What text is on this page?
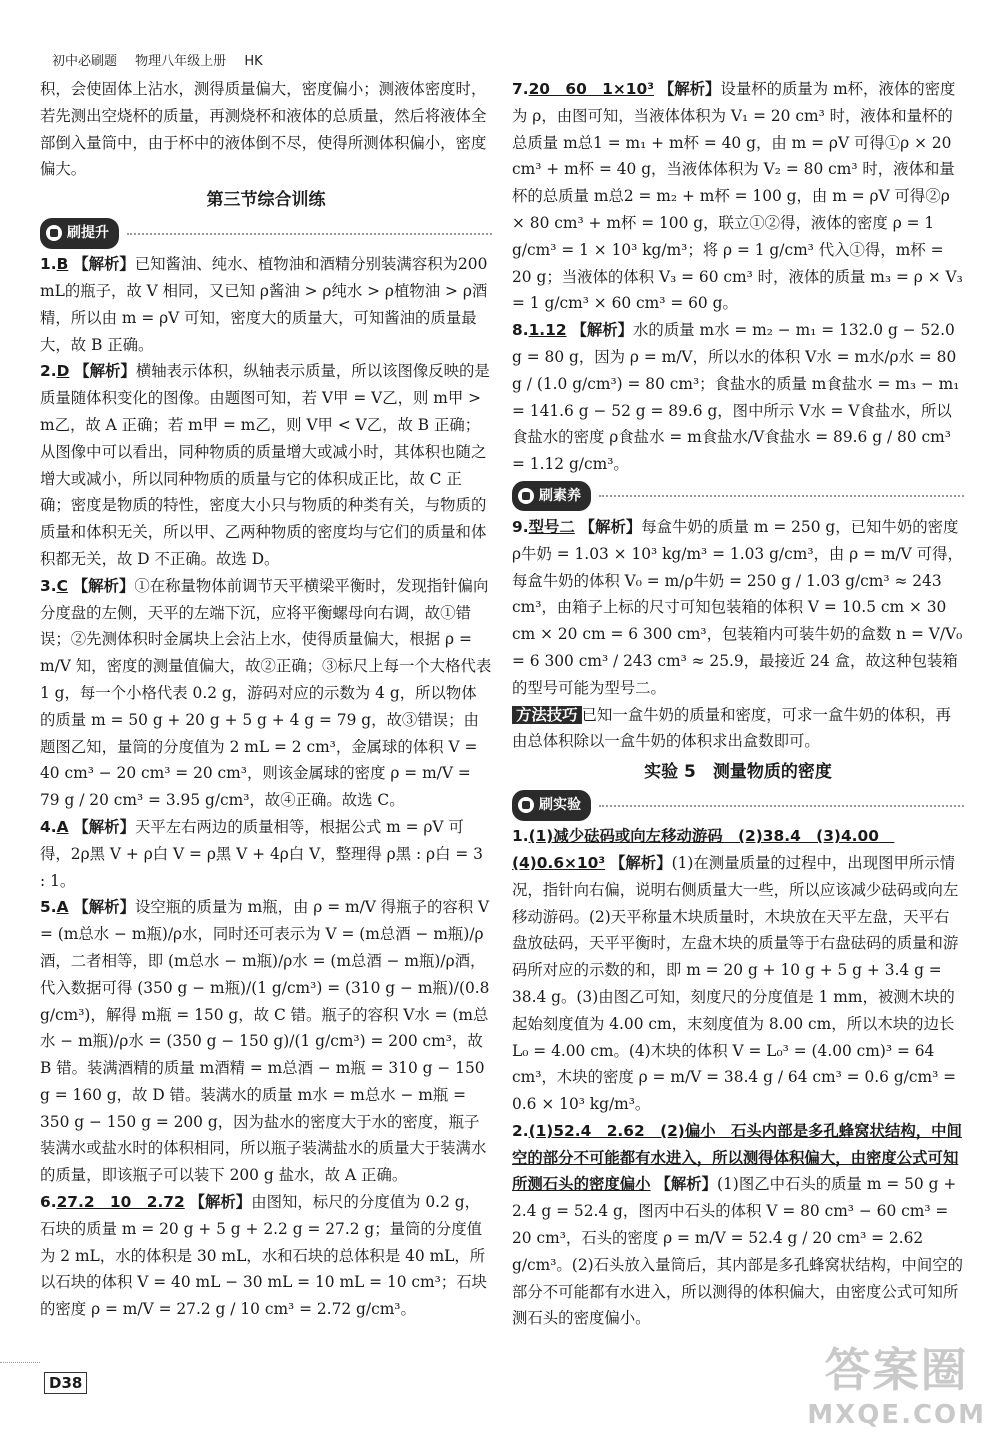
初中必刷题 物理八年级上册 HK

积，会使固体上沾水，测得质量偏大，密度偏小；测液体密度时，若先测出空烧杯的质量，再测烧杯和液体的总质量，然后将液体全部倒入量筒中，由于杯中的液体倒不尽，使得所测体积偏小，密度偏大。

第三节综合训练
刷提升

1.B 【解析】已知酱油、纯水、植物油和酒精分别装满容积为200 mL的瓶子，故 V 相同，又已知 ρ酱油 > ρ纯水 > ρ植物油 > ρ酒精，所以由 m = ρV 可知，密度大的质量大，可知酱油的质量最大，故 B 正确。

2.D 【解析】横轴表示体积，纵轴表示质量，所以该图像反映的是质量随体积变化的图像。由题图可知，若 V甲 = V乙，则 m甲 > m乙，故 A 正确；若 m甲 = m乙，则 V甲 < V乙，故 B 正确；从图像中可以看出，同种物质的质量增大或减小时，其体积也随之增大或减小，所以同种物质的质量与它的体积成正比，故 C 正确；密度是物质的特性，密度大小只与物质的种类有关，与物质的质量和体积无关，所以甲、乙两种物质的密度均与它们的质量和体积都无关，故 D 不正确。故选 D。

3.C 【解析】①在称量物体前调节天平横梁平衡时，发现指针偏向分度盘的左侧，天平的左端下沉，应将平衡螺母向右调，故①错误；②先测体积时金属块上会沾上水，使得质量偏大，根据 ρ = m/V 知，密度的测量值偏大，故②正确；③标尺上每一个大格代表 1 g，每一个小格代表 0.2 g，游码对应的示数为 4 g，所以物体的质量 m = 50 g + 20 g + 5 g + 4 g = 79 g，故③错误；由题图乙知，量筒的分度值为 2 mL = 2 cm³，金属球的体积 V = 40 cm³ − 20 cm³ = 20 cm³，则该金属球的密度 ρ = m/V = 79 g / 20 cm³ = 3.95 g/cm³，故④正确。故选 C。

4.A 【解析】天平左右两边的质量相等，根据公式 m = ρV 可得，2ρ黑 V + ρ白 V = ρ黑 V + 4ρ白 V，整理得 ρ黑 : ρ白 = 3 : 1。

5.A 【解析】设空瓶的质量为 m瓶，由 ρ = m/V 得瓶子的容积 V = (m总水 − m瓶)/ρ水，同时还可表示为 V = (m总酒 − m瓶)/ρ酒，二者相等，即 (m总水 − m瓶)/ρ水 = (m总酒 − m瓶)/ρ酒，代入数据可得 (350 g − m瓶)/(1 g/cm³) = (310 g − m瓶)/(0.8 g/cm³)，解得 m瓶 = 150 g，故 C 错。瓶子的容积 V水 = (m总水 − m瓶)/ρ水 = (350 g − 150 g)/(1 g/cm³) = 200 cm³，故 B 错。装满酒精的质量 m酒精 = m总酒 − m瓶 = 310 g − 150 g = 160 g，故 D 错。装满水的质量 m水 = m总水 − m瓶 = 350 g − 150 g = 200 g，因为盐水的密度大于水的密度，瓶子装满水或盐水时的体积相同，所以瓶子装满盐水的质量大于装满水的质量，即该瓶子可以装下 200 g 盐水，故 A 正确。

6.27.2　10　2.72 【解析】由图知，标尺的分度值为 0.2 g，石块的质量 m = 20 g + 5 g + 2.2 g = 27.2 g；量筒的分度值为 2 mL，水的体积是 30 mL，水和石块的总体积是 40 mL，所以石块的体积 V = 40 mL − 30 mL = 10 mL = 10 cm³；石块的密度 ρ = m/V = 27.2 g / 10 cm³ = 2.72 g/cm³。

7.20　60　1×10³ 【解析】设量杯的质量为 m杯，液体的密度为 ρ，由图可知，当液体体积为 V₁ = 20 cm³ 时，液体和量杯的总质量 m总1 = m₁ + m杯 = 40 g，由 m = ρV 可得①ρ × 20 cm³ + m杯 = 40 g，当液体体积为 V₂ = 80 cm³ 时，液体和量杯的总质量 m总2 = m₂ + m杯 = 100 g，由 m = ρV 可得②ρ × 80 cm³ + m杯 = 100 g，联立①②得，液体的密度 ρ = 1 g/cm³ = 1 × 10³ kg/m³；将 ρ = 1 g/cm³ 代入①得，m杯 = 20 g；当液体的体积 V₃ = 60 cm³ 时，液体的质量 m₃ = ρ × V₃ = 1 g/cm³ × 60 cm³ = 60 g。

8.1.12 【解析】水的质量 m水 = m₂ − m₁ = 132.0 g − 52.0 g = 80 g，因为 ρ = m/V，所以水的体积 V水 = m水/ρ水 = 80 g / (1.0 g/cm³) = 80 cm³；食盐水的质量 m食盐水 = m₃ − m₁ = 141.6 g − 52 g = 89.6 g，图中所示 V水 = V食盐水，所以食盐水的密度 ρ食盐水 = m食盐水/V食盐水 = 89.6 g / 80 cm³ = 1.12 g/cm³。

刷素养

9.型号二 【解析】每盒牛奶的质量 m = 250 g，已知牛奶的密度 ρ牛奶 = 1.03 × 10³ kg/m³ = 1.03 g/cm³，由 ρ = m/V 可得，每盒牛奶的体积 V₀ = m/ρ牛奶 = 250 g / 1.03 g/cm³ ≈ 243 cm³，由箱子上标的尺寸可知包装箱的体积 V = 10.5 cm × 30 cm × 20 cm = 6 300 cm³，包装箱内可装牛奶的盒数 n = V/V₀ = 6 300 cm³ / 243 cm³ ≈ 25.9，最接近 24 盒，故这种包装箱的型号可能为型号二。

方法技巧 已知一盒牛奶的质量和密度，可求一盒牛奶的体积，再由总体积除以一盒牛奶的体积求出盒数即可。

实验 5　测量物质的密度
刷实验

1.(1)减少砝码或向左移动游码　(2)38.4　(3)4.00　(4)0.6×10³ 【解析】(1)在测量质量的过程中，出现图甲所示情况，指针向右偏，说明右侧质量大一些，所以应该减少砝码或向左移动游码。(2)天平称量木块质量时，木块放在天平左盘，天平右盘放砝码，天平平衡时，左盘木块的质量等于右盘砝码的质量和游码所对应的示数的和，即 m = 20 g + 10 g + 5 g + 3.4 g = 38.4 g。(3)由图乙可知，刻度尺的分度值是 1 mm，被测木块的起始刻度值为 4.00 cm，末刻度值为 8.00 cm，所以木块的边长 L₀ = 4.00 cm。(4)木块的体积 V = L₀³ = (4.00 cm)³ = 64 cm³，木块的密度 ρ = m/V = 38.4 g / 64 cm³ = 0.6 g/cm³ = 0.6 × 10³ kg/m³。

2.(1)52.4　2.62　(2)偏小　石头内部是多孔蜂窝状结构，中间空的部分不可能都有水进入，所以测得体积偏大，由密度公式可知所测石头的密度偏小 【解析】(1)图乙中石头的质量 m = 50 g + 2.4 g = 52.4 g，图丙中石头的体积 V = 80 cm³ − 60 cm³ = 20 cm³，石头的密度 ρ = m/V = 52.4 g / 20 cm³ = 2.62 g/cm³。(2)石头放入量筒后，其内部是多孔蜂窝状结构，中间空的部分不可能都有水进入，所以测得的体积偏大，由密度公式可知所测石头的密度偏小。

D38	答案圈
MXQE.COM
